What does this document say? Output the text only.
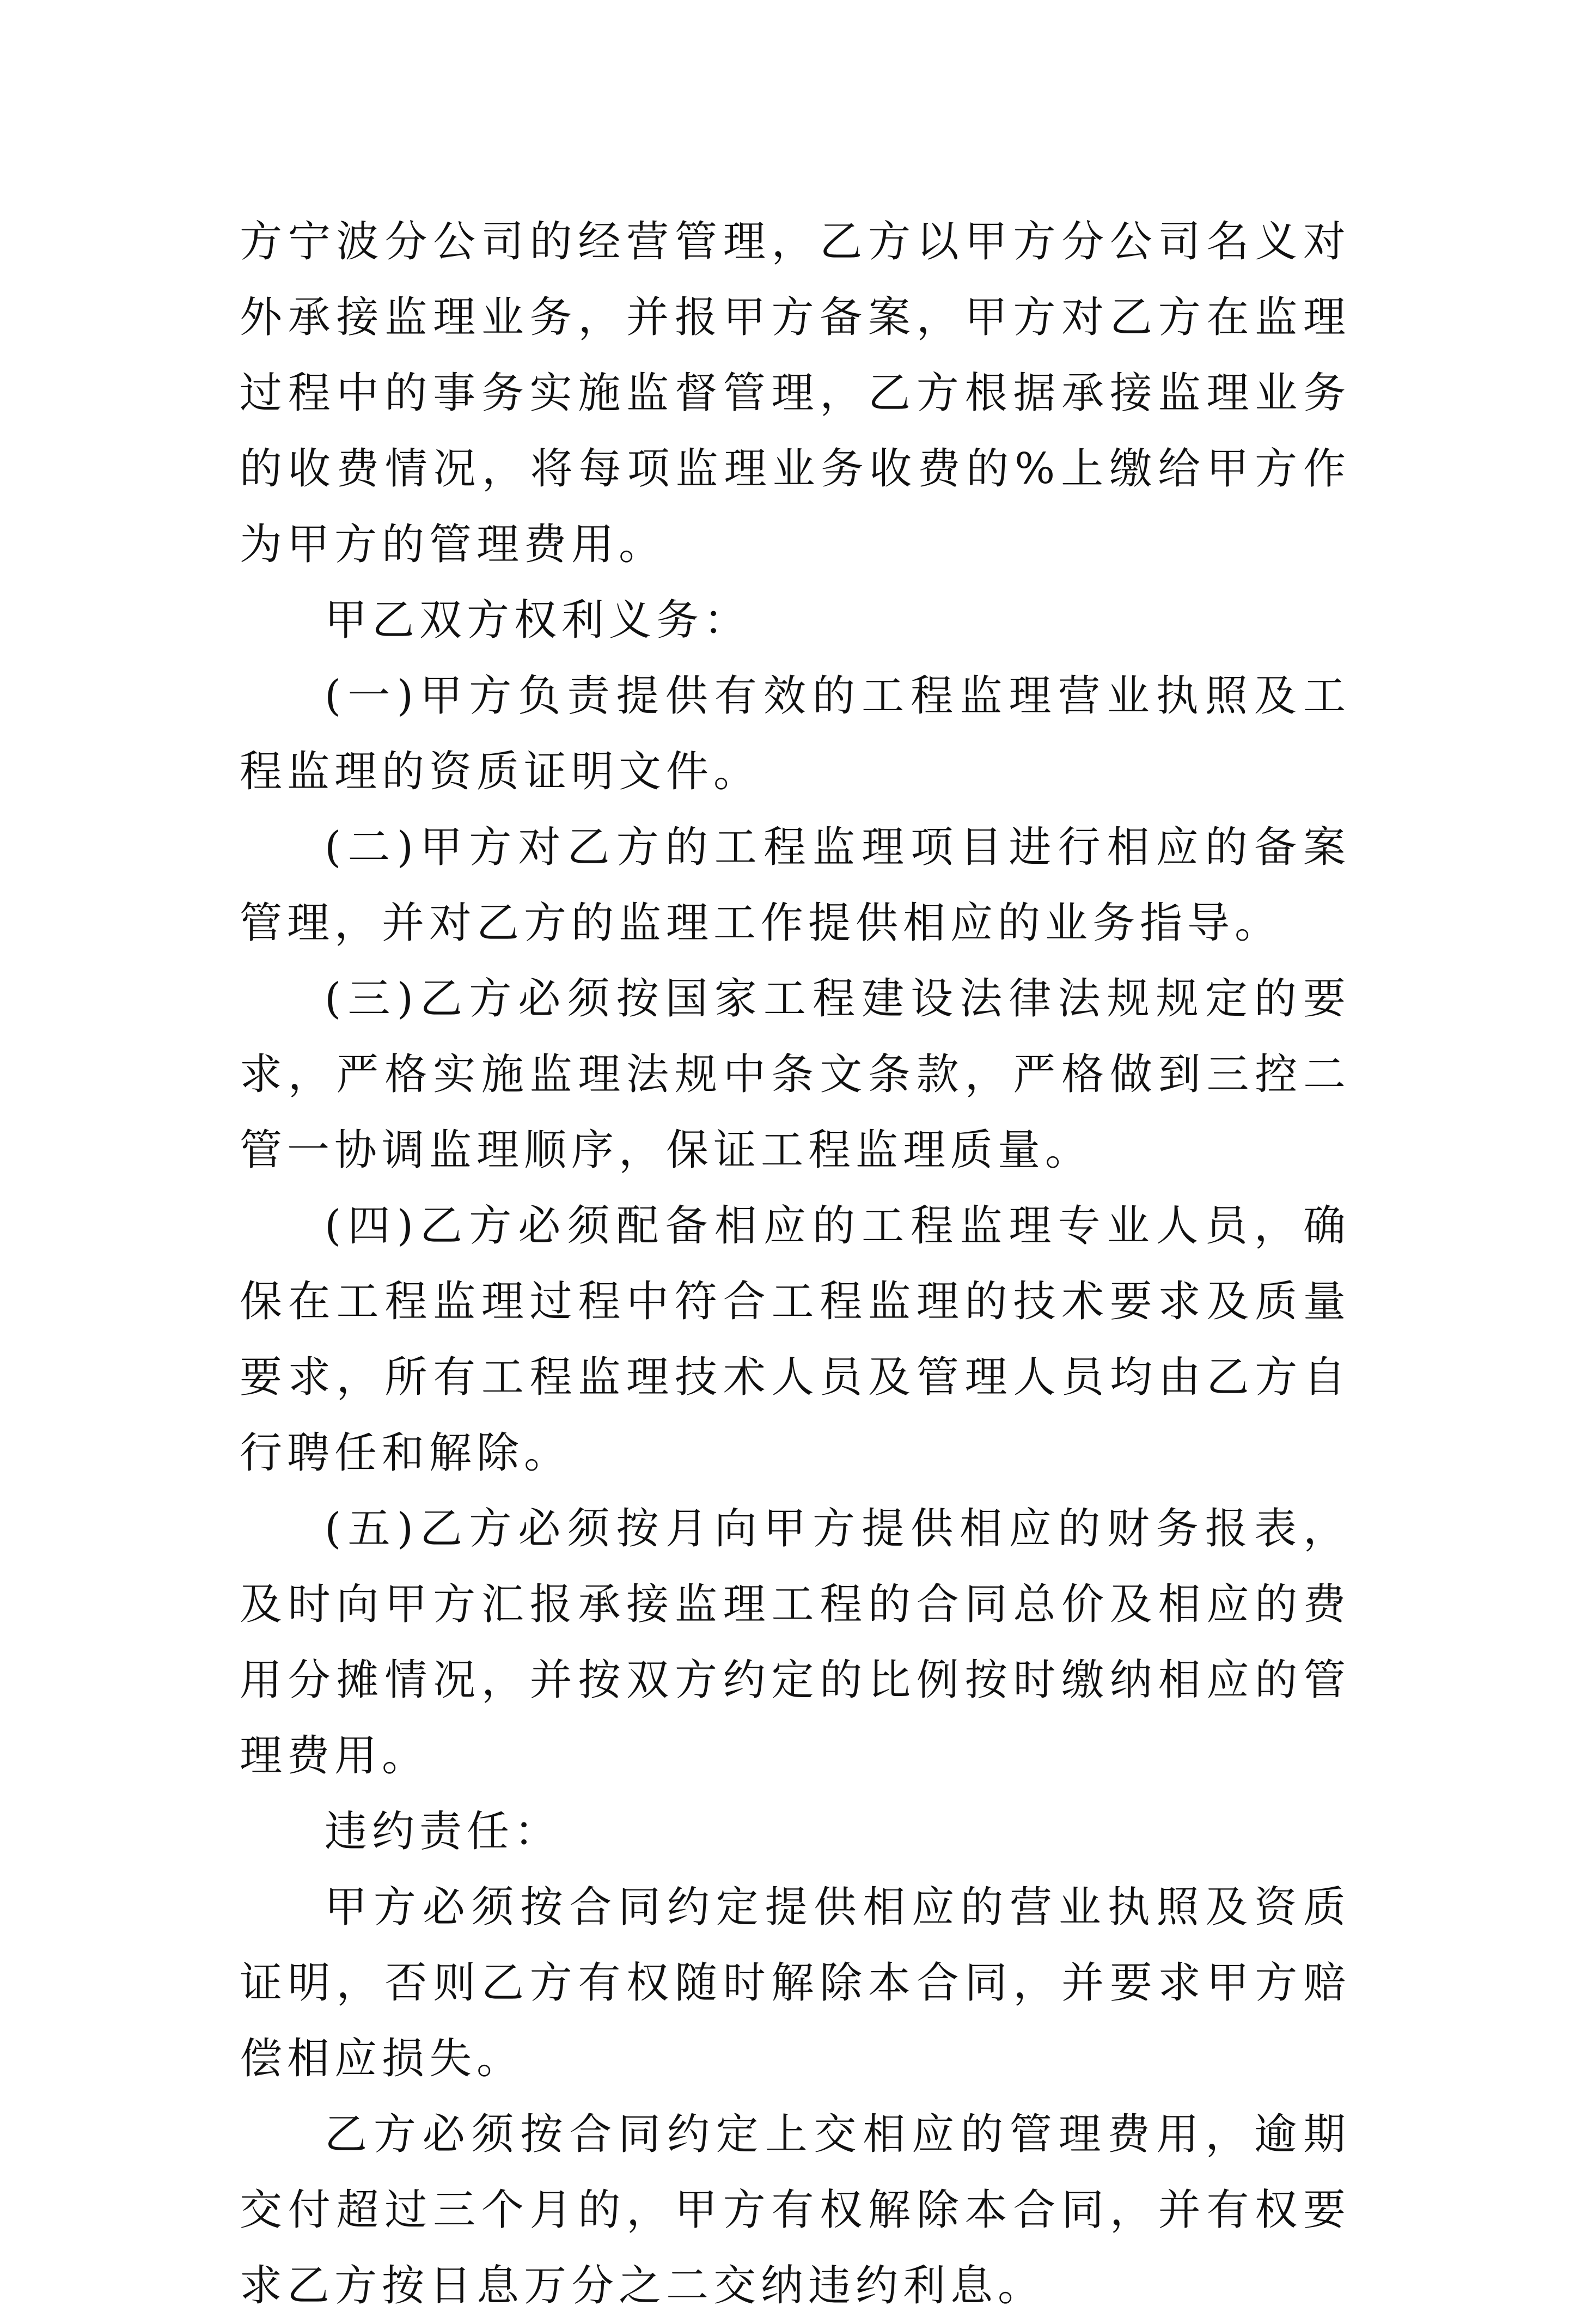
方宁波分公司的经营管理，乙方以甲方分公司名义对外承接监理业务，并报甲方备案，甲方对乙方在监理过程中的事务实施监督管理，乙方根据承接监理业务的收费情况，将每项监理业务收费的%上缴给甲方作为甲方的管理费用。

甲乙双方权利义务：

(一)甲方负责提供有效的工程监理营业执照及工程监理的资质证明文件。

(二)甲方对乙方的工程监理项目进行相应的备案管理，并对乙方的监理工作提供相应的业务指导。

(三)乙方必须按国家工程建设法律法规规定的要求，严格实施监理法规中条文条款，严格做到三控二管一协调监理顺序，保证工程监理质量。

(四)乙方必须配备相应的工程监理专业人员，确保在工程监理过程中符合工程监理的技术要求及质量要求，所有工程监理技术人员及管理人员均由乙方自行聘任和解除。

(五)乙方必须按月向甲方提供相应的财务报表，及时向甲方汇报承接监理工程的合同总价及相应的费用分摊情况，并按双方约定的比例按时缴纳相应的管理费用。

违约责任：

甲方必须按合同约定提供相应的营业执照及资质证明，否则乙方有权随时解除本合同，并要求甲方赔偿相应损失。

乙方必须按合同约定上交相应的管理费用，逾期交付超过三个月的，甲方有权解除本合同，并有权要求乙方按日息万分之二交纳违约利息。
